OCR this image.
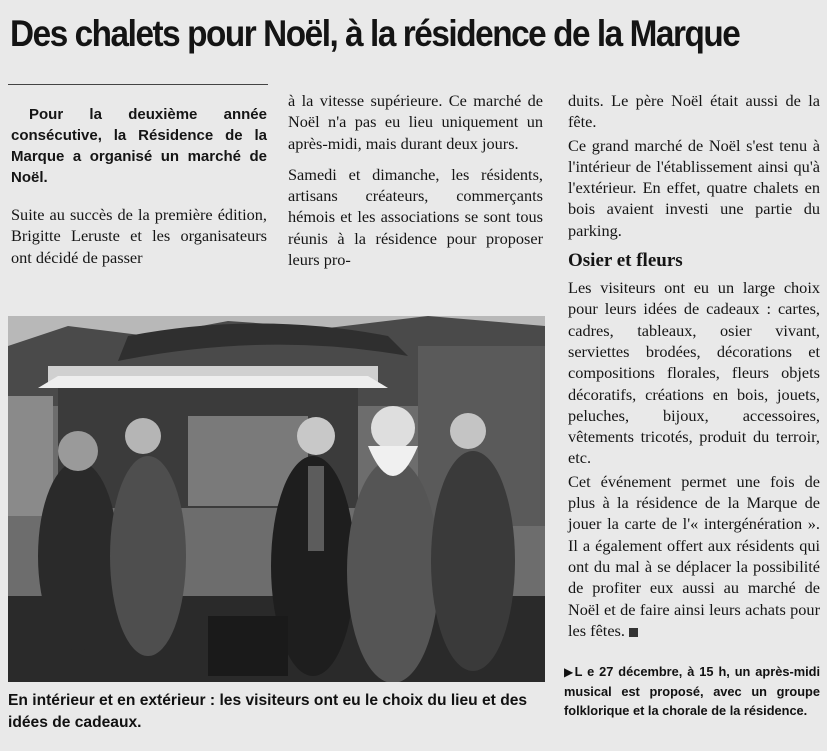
Des chalets pour Noël, à la résidence de la Marque

Pour la deuxième année consécutive, la Résidence de la Marque a organisé un marché de Noël.

Suite au succès de la première édition, Brigitte Leruste et les organisateurs ont décidé de passer

à la vitesse supérieure. Ce marché de Noël n'a pas eu lieu uniquement un après-midi, mais durant deux jours.

Samedi et dimanche, les résidents, artisans créateurs, commerçants hémois et les associations se sont tous réunis à la résidence pour proposer leurs pro-

duits. Le père Noël était aussi de la fête.

Ce grand marché de Noël s'est tenu à l'intérieur de l'établissement ainsi qu'à l'extérieur. En effet, quatre chalets en bois avaient investi une partie du parking.

Osier et fleurs

Les visiteurs ont eu un large choix pour leurs idées de cadeaux : cartes, cadres, tableaux, osier vivant, serviettes brodées, décorations et compositions florales, fleurs objets décoratifs, créations en bois, jouets, peluches, bijoux, accessoires, vêtements tricotés, produit du terroir, etc.

Cet événement permet une fois de plus à la résidence de la Marque de jouer la carte de l'« intergénération ». Il a également offert aux résidents qui ont du mal à se déplacer la possibilité de profiter eux aussi au marché de Noël et de faire ainsi leurs achats pour les fêtes.

En intérieur et en extérieur : les visiteurs ont eu le choix du lieu et des idées de cadeaux.
▶L e 27 décembre, à 15 h, un après-midi musical est proposé, avec un groupe folklorique et la chorale de la résidence.
